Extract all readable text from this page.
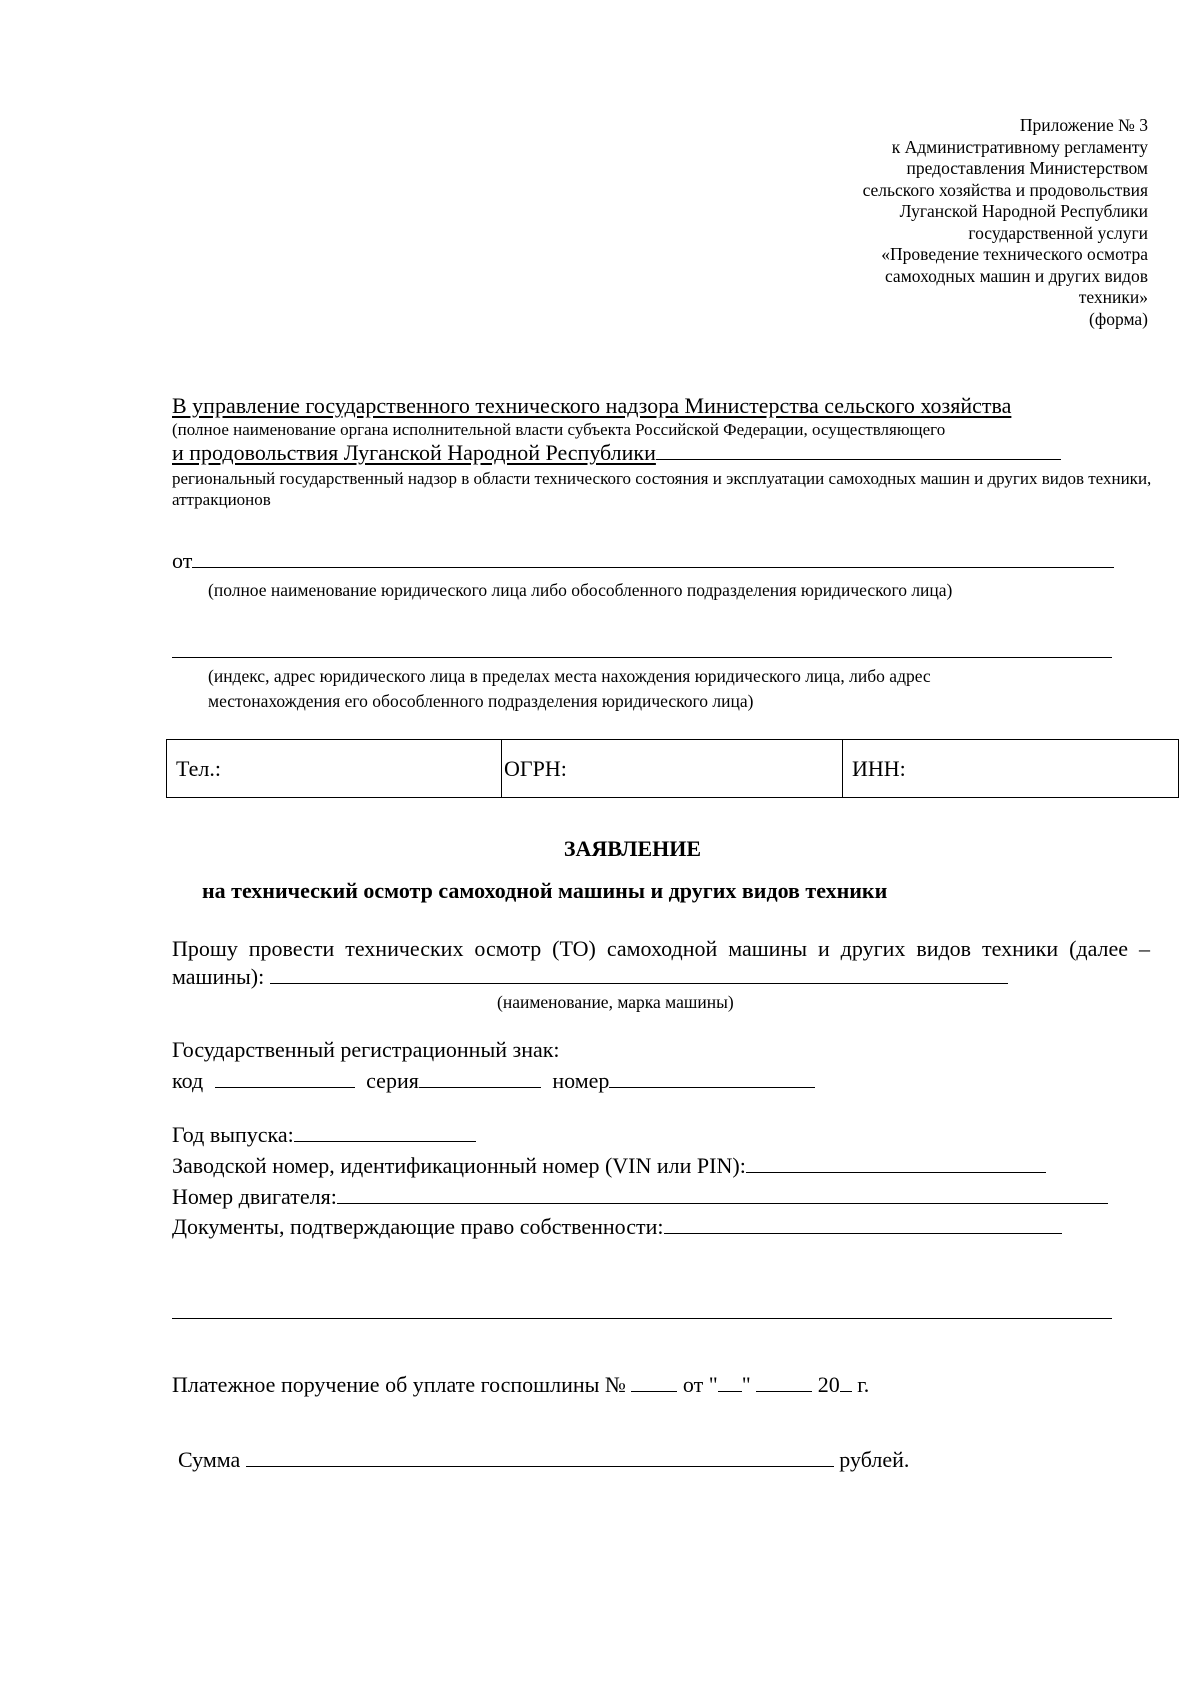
Приложение № 3
к Административному регламенту
предоставления Министерством
сельского хозяйства и продовольствия
Луганской Народной Республики
государственной услуги
«Проведение технического осмотра
самоходных машин и других видов
техники»
(форма)
В управление государственного технического надзора Министерства сельского хозяйства
(полное наименование органа исполнительной власти субъекта Российской Федерации, осуществляющего
и продовольствия Луганской Народной Республики
региональный государственный надзор в области технического состояния и эксплуатации самоходных машин и других видов техники, аттракционов
от
(полное наименование юридического лица либо обособленного подразделения юридического лица)
(индекс, адрес юридического лица в пределах места нахождения юридического лица, либо адрес
местонахождения его обособленного подразделения юридического лица)
Тел.:	ОГРН:	ИНН:
ЗАЯВЛЕНИЕ
на технический осмотр самоходной машины и других видов техники
Прошу провести технических осмотр (ТО) самоходной машины и других видов техники (далее – машины):
(наименование, марка машины)
Государственный регистрационный знак:
код	серия	номер
Год выпуска:
Заводской номер, идентификационный номер (VIN или PIN):
Номер двигателя:
Документы, подтверждающие право собственности:
Платежное поручение об уплате госпошлины №	от " "	20 г.
Сумма	рублей.
